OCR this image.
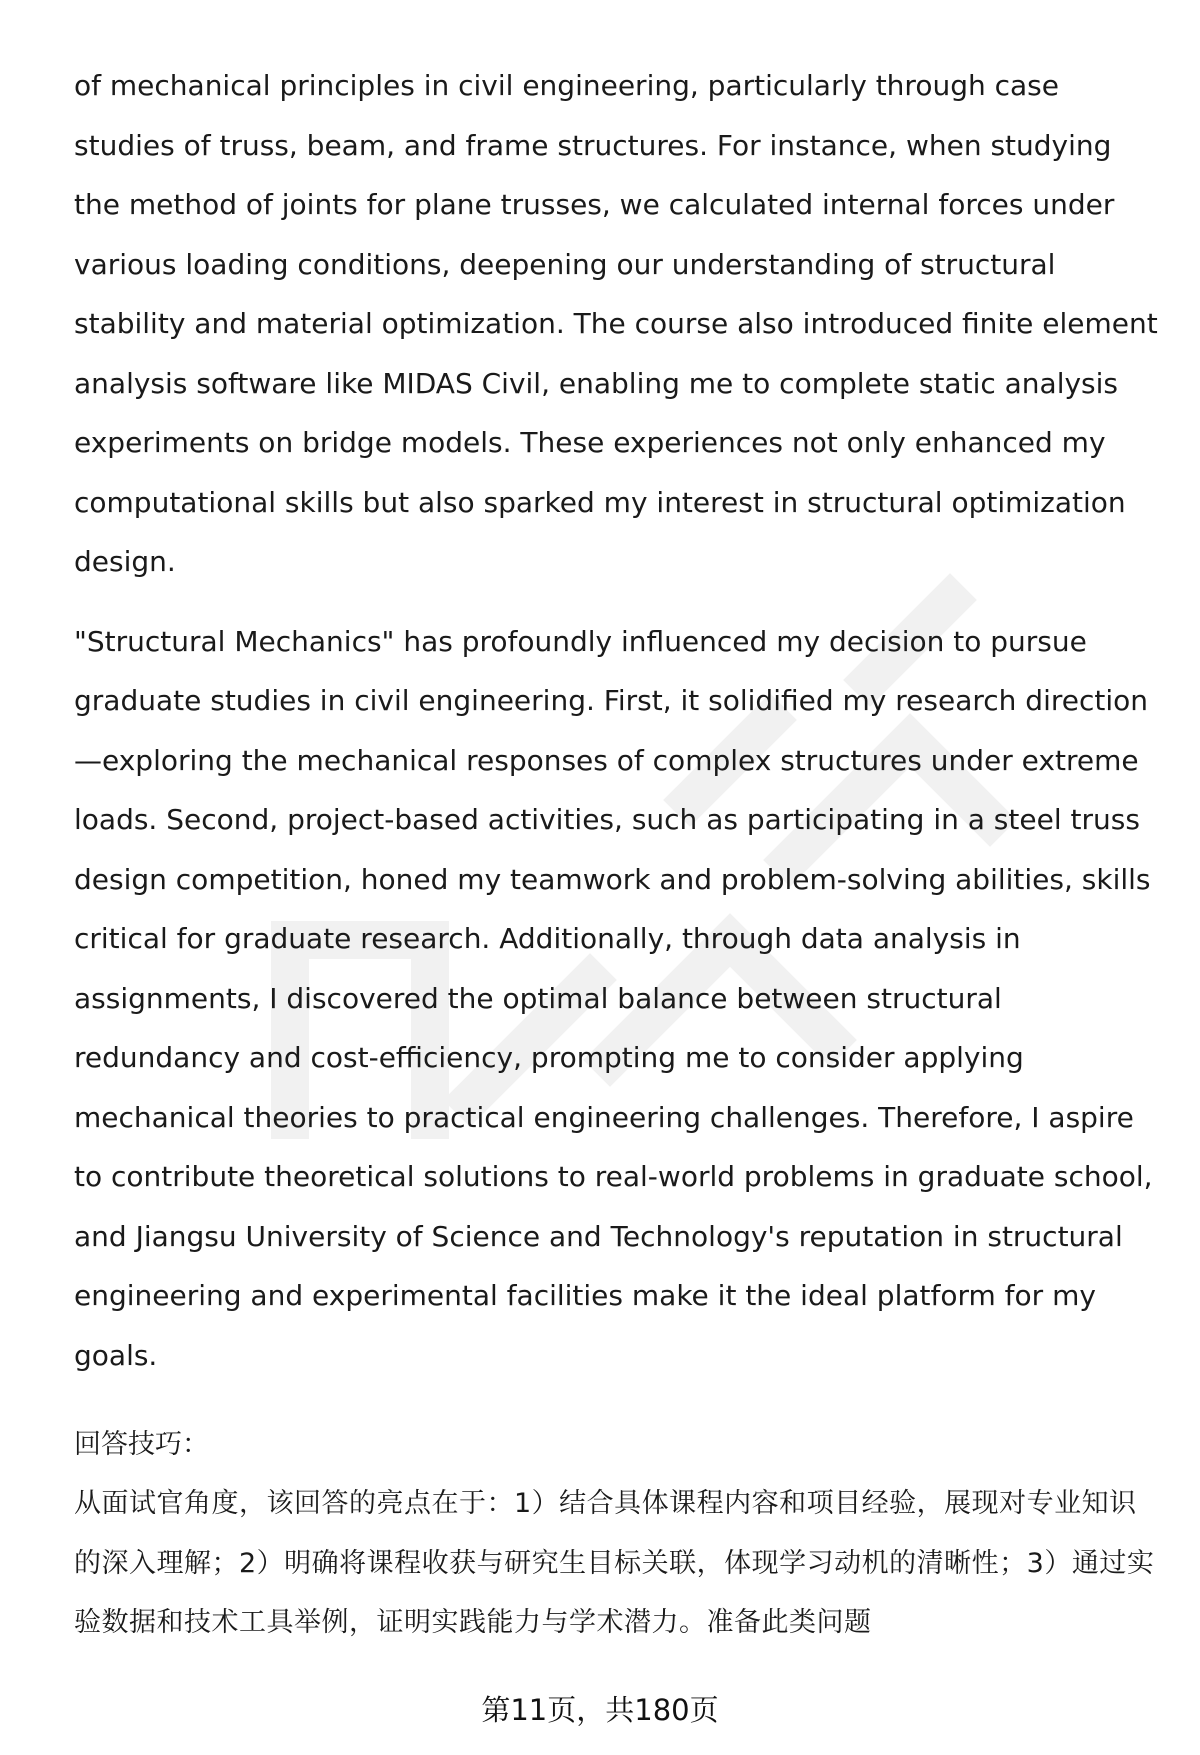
of mechanical principles in civil engineering, particularly through case studies of truss, beam, and frame structures. For instance, when studying the method of joints for plane trusses, we calculated internal forces under various loading conditions, deepening our understanding of structural stability and material optimization. The course also introduced finite element analysis software like MIDAS Civil, enabling me to complete static analysis experiments on bridge models. These experiences not only enhanced my computational skills but also sparked my interest in structural optimization design.

"Structural Mechanics" has profoundly influenced my decision to pursue graduate studies in civil engineering. First, it solidified my research direction—exploring the mechanical responses of complex structures under extreme loads. Second, project-based activities, such as participating in a steel truss design competition, honed my teamwork and problem-solving abilities, skills critical for graduate research. Additionally, through data analysis in assignments, I discovered the optimal balance between structural redundancy and cost-efficiency, prompting me to consider applying mechanical theories to practical engineering challenges. Therefore, I aspire to contribute theoretical solutions to real-world problems in graduate school, and Jiangsu University of Science and Technology's reputation in structural engineering and experimental facilities make it the ideal platform for my goals.

回答技巧：

从面试官角度，该回答的亮点在于：1）结合具体课程内容和项目经验，展现对专业知识的深入理解；2）明确将课程收获与研究生目标关联，体现学习动机的清晰性；3）通过实验数据和技术工具举例，证明实践能力与学术潜力。准备此类问题

第11页，共180页
